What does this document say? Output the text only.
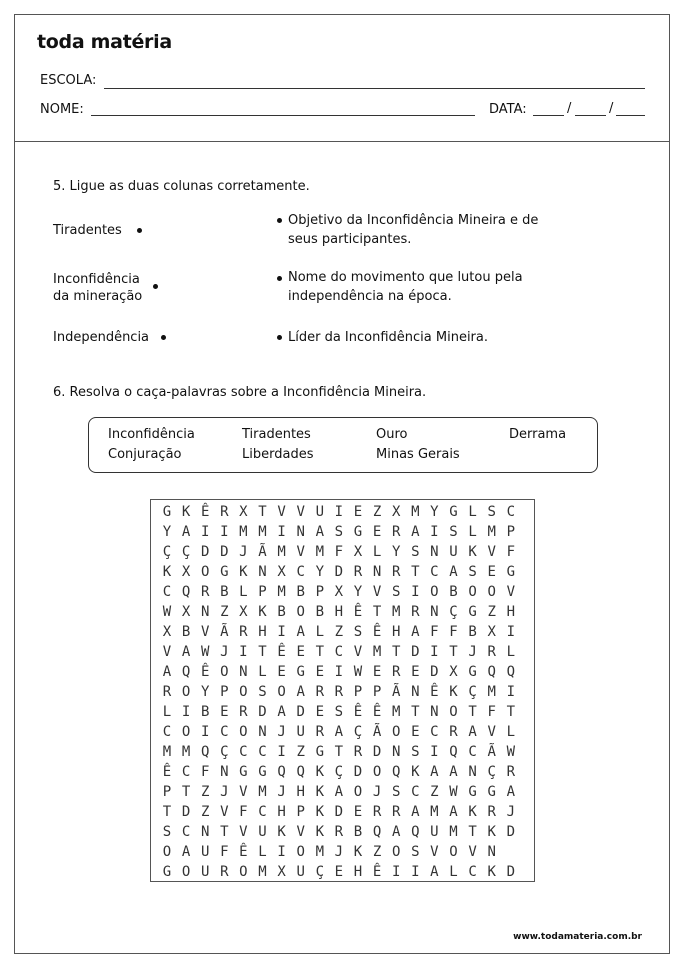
toda matéria
ESCOLA:
NOME:	DATA:	/	/
5. Ligue as duas colunas corretamente.
Tiradentes
Inconfidência
da mineração
Independência
Objetivo da Inconfidência Mineira e de
seus participantes.
Nome do movimento que lutou pela
independência na época.
Líder da Inconfidência Mineira.
6. Resolva o caça-palavras sobre a Inconfidência Mineira.
Inconfidência	Tiradentes	Ouro	Derrama
Conjuração	Liberdades	Minas Gerais
G K Ê R X T V V U I E Z X M Y G L S C
Y A I I M M I N A S G E R A I S L M P
Ç Ç D D J Ã M V M F X L Y S N U K V F
K X O G K N X C Y D R N R T C A S E G
C Q R B L P M B P X Y V S I O B O O V
W X N Z X K B O B H Ê T M R N Ç G Z H
X B V Ã R H I A L Z S Ê H A F F B X I
V A W J I T Ê E T C V M T D I T J R L
A Q Ê O N L E G E I W E R E D X G Q Q
R O Y P O S O A R R P P Ã N Ê K Ç M I
L I B E R D A D E S Ê Ê M T N O T F T
C O I C O N J U R A Ç Ã O E C R A V L
M M Q Ç C C I Z G T R D N S I Q C Ã W
Ê C F N G G Q Q K Ç D O Q K A A N Ç R
P T Z J V M J H K A O J S C Z W G G A
T D Z V F C H P K D E R R A M A K R J
S C N T V U K V K R B Q A Q U M T K D
O A U F Ê L I O M J K Z O S V O V N
G O U R O M X U Ç E H Ê I I A L C K D
www.todamateria.com.br
